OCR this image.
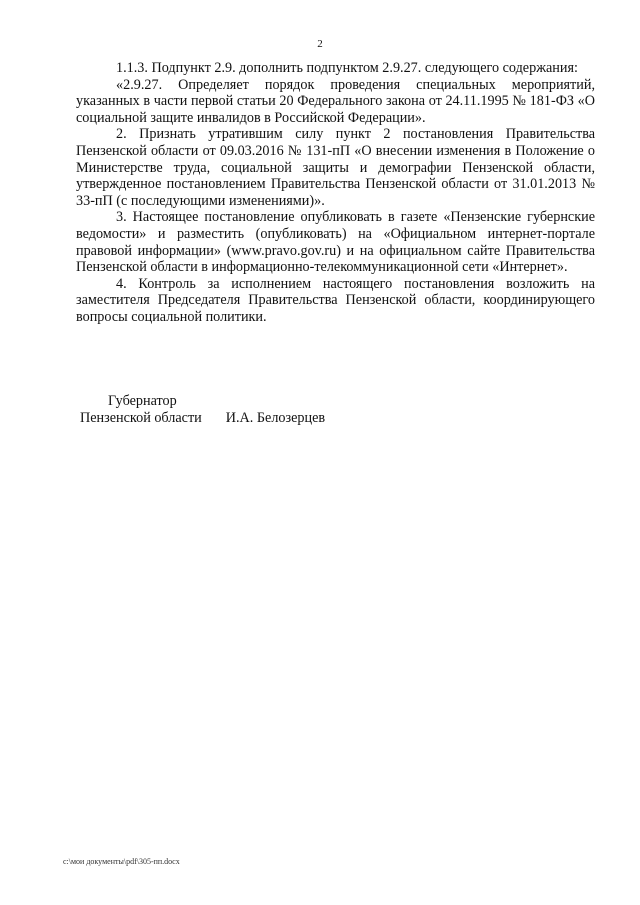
2

1.1.3. Подпункт 2.9. дополнить подпунктом 2.9.27. следующего содержания:

«2.9.27. Определяет порядок проведения специальных мероприятий, указанных в части первой статьи 20 Федерального закона от 24.11.1995 № 181-ФЗ «О социальной защите инвалидов в Российской Федерации».

2. Признать утратившим силу пункт 2 постановления Правительства Пензенской области от 09.03.2016 № 131-пП «О внесении изменения в Положение о Министерстве труда, социальной защиты и демографии Пензенской области, утвержденное постановлением Правительства Пензенской области от 31.01.2013 № 33-пП (с последующими изменениями)».

3. Настоящее постановление опубликовать в газете «Пензенские губернские ведомости» и разместить (опубликовать) на «Официальном интернет-портале правовой информации» (www.pravo.gov.ru) и на официальном сайте Правительства Пензенской области в информационно-телекоммуникационной сети «Интернет».

4. Контроль за исполнением настоящего постановления возложить на заместителя Председателя Правительства Пензенской области, координирующего вопросы социальной политики.

Губернатор
Пензенской области И.А. Белозерцев
c:\мои документы\pdf\305-пп.docx
